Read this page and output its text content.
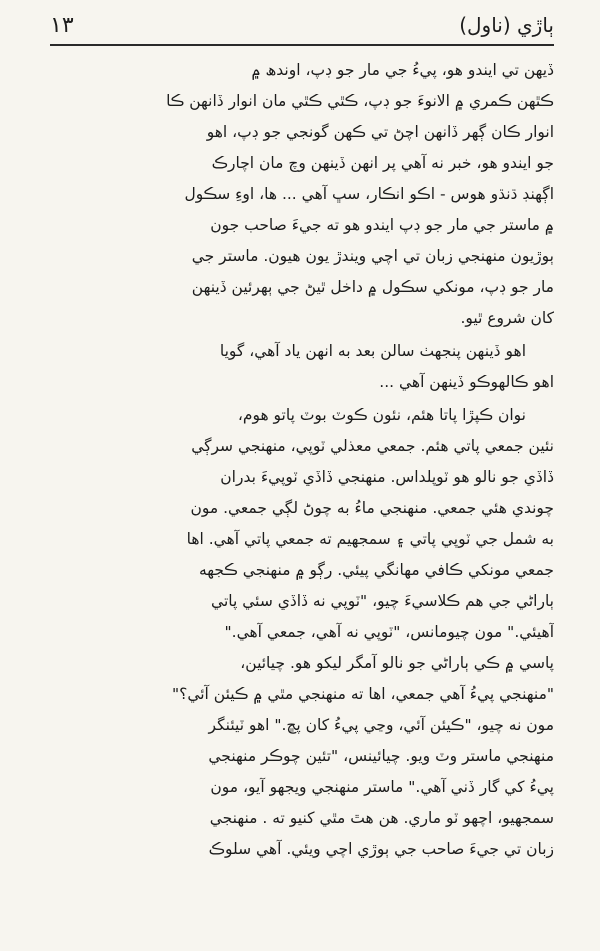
ٻاڙي (ناول)
١٣
ڏيهن تي ايندو هو، پيءُ جي مار جو ڊپ، اوندھ ۾
ڪٿهن ڪمري ۾ الانوءَ جو ڊپ، ڪٿي ڪٿي مان انوار ڏانهن ڪا
انوار ڪان ڳهر ڏانهن اچڻ تي ڪهن گونجي جو ڊپ، اهو
جو ايندو هو، خبر نه آهي پر انهن ڏينهن وچ مان اچارڪ
اڳهنڊ ڌنڌو هوس - اڪو انڪار، سڀ آهي ... ها، اوءِ سڪول
۾ ماستر جي مار جو ڊپ ايندو هو ته جيءَ صاحب جون
ٻوڙيون منهنجي زبان تي اچي ويندڙ يون هيون. ماستر جي
مار جو ڊپ، مونکي سڪول ۾ داخل ٿيڻ جي ٻهرئين ڏينهن
کان شروع ٿيو.
اهو ڏينهن پنجهٺ سالن بعد به انهن ياد آهي، گويا
اهو ڪالهوڪو ڏينهن آهي ...
نوان ڪپڙا پاتا هئم، نئون ڪوٽ بوٽ پاتو هوم،
نئين جمعي پاتي هئم. جمعي معذلي ٽوپي، منهنجي سرڳي
ڏاڏي جو نالو هو ٽوپلداس. منهنجي ڏاڏي ٽوپيءَ بدران
چوندي هئي جمعي. منهنجي ماءُ به چوڻ لڳي جمعي. مون
به شمل جي ٽوپي پاتي ۽ سمجهيم ته جمعي پاتي آهي. اها
جمعي مونکي ڪافي مهانگي پيئي. رڳو ۾ منهنجي ڪجهه
ٻاراڻي جي هم ڪلاسيءَ چيو، "ٽوپي نه ڏاڏي سئي پاتي
آهيئي." مون چيومانس، "ٽوپي نه آهي، جمعي آهي."
پاسي ۾ ڪي ٻاراڻي جو نالو آمگر ليکو هو. چيائين،
"منهنجي پيءُ آهي جمعي، اها ته منهنجي مٿي ۾ ڪيئن آئي؟"
مون نه چيو، "ڪيئن آئي، وڃي پيءُ کان پڇ." اهو ٽيئنگر
منهنجي ماستر وٽ ويو. چيائينس، "تئين چوڪر منهنجي
پيءُ کي گار ڏني آهي." ماستر منهنجي ويجهو آيو، مون
سمجهيو، اچهو ٽو ماري. هن هٿ مٿي کنيو ته . منهنجي
زبان تي جيءَ صاحب جي ٻوڙي اچي ويئي. آهي سلوڪ
